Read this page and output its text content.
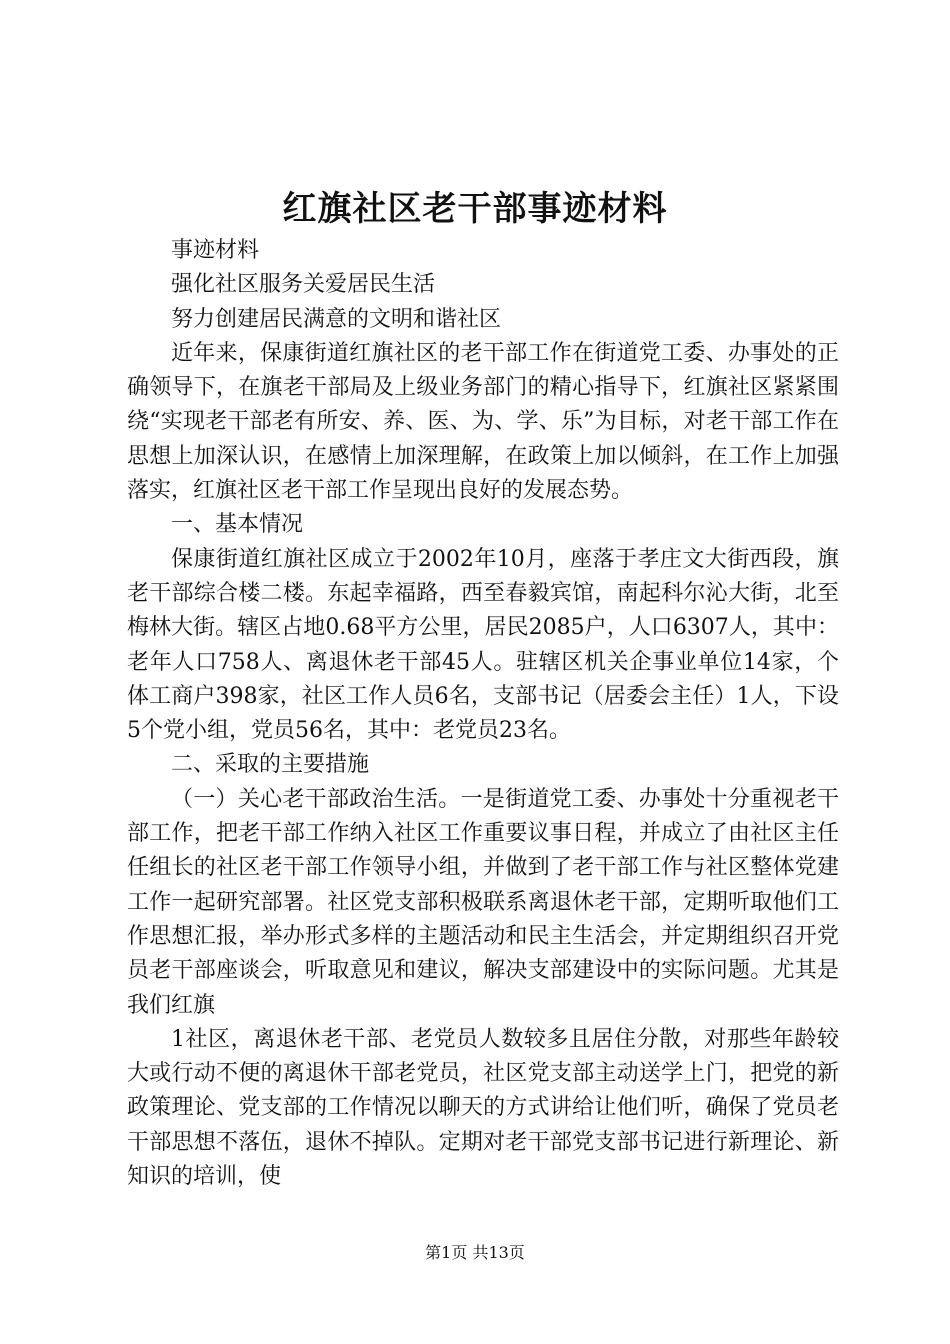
红旗社区老干部事迹材料

事迹材料

强化社区服务关爱居民生活

努力创建居民满意的文明和谐社区

近年来，保康街道红旗社区的老干部工作在街道党工委、办事处的正确领导下，在旗老干部局及上级业务部门的精心指导下，红旗社区紧紧围绕“实现老干部老有所安、养、医、为、学、乐”为目标，对老干部工作在思想上加深认识，在感情上加深理解，在政策上加以倾斜，在工作上加强落实，红旗社区老干部工作呈现出良好的发展态势。

一、基本情况

保康街道红旗社区成立于2002年10月，座落于孝庄文大街西段，旗老干部综合楼二楼。东起幸福路，西至春毅宾馆，南起科尔沁大街，北至梅林大街。辖区占地0.68平方公里，居民2085户，人口6307人，其中：老年人口758人、离退休老干部45人。驻辖区机关企事业单位14家，个体工商户398家，社区工作人员6名，支部书记（居委会主任）1人，下设5个党小组，党员56名，其中：老党员23名。

二、采取的主要措施

（一）关心老干部政治生活。一是街道党工委、办事处十分重视老干部工作，把老干部工作纳入社区工作重要议事日程，并成立了由社区主任任组长的社区老干部工作领导小组，并做到了老干部工作与社区整体党建工作一起研究部署。社区党支部积极联系离退休老干部，定期听取他们工作思想汇报，举办形式多样的主题活动和民主生活会，并定期组织召开党员老干部座谈会，听取意见和建议，解决支部建设中的实际问题。尤其是我们红旗

1社区，离退休老干部、老党员人数较多且居住分散，对那些年龄较大或行动不便的离退休干部老党员，社区党支部主动送学上门，把党的新政策理论、党支部的工作情况以聊天的方式讲给让他们听，确保了党员老干部思想不落伍，退休不掉队。定期对老干部党支部书记进行新理论、新知识的培训，使

第1页 共13页
